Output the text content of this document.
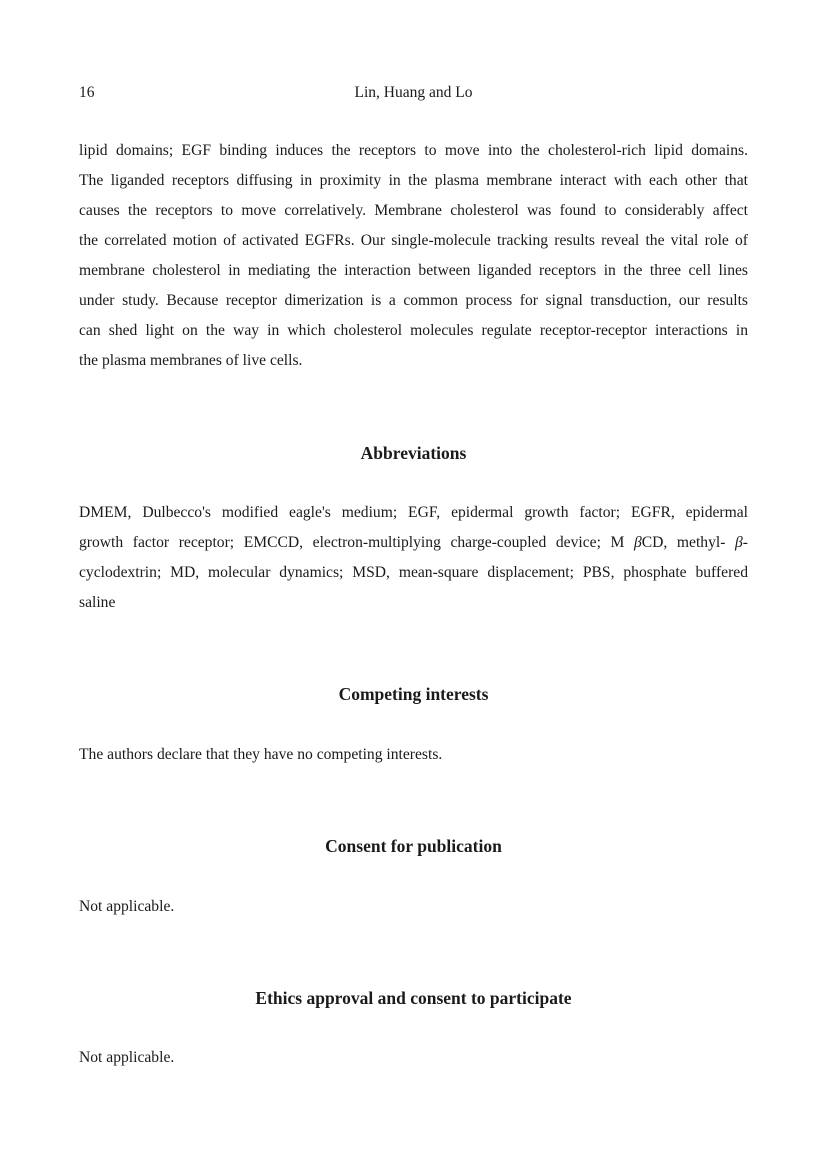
16	Lin, Huang and Lo
lipid domains; EGF binding induces the receptors to move into the cholesterol-rich lipid domains.
The liganded receptors diffusing in proximity in the plasma membrane interact with each other that
causes the receptors to move correlatively. Membrane cholesterol was found to considerably affect
the correlated motion of activated EGFRs. Our single-molecule tracking results reveal the vital role of
membrane cholesterol in mediating the interaction between liganded receptors in the three cell lines
under study. Because receptor dimerization is a common process for signal transduction, our results
can shed light on the way in which cholesterol molecules regulate receptor-receptor interactions in
the plasma membranes of live cells.
Abbreviations
DMEM, Dulbecco's modified eagle's medium; EGF, epidermal growth factor; EGFR, epidermal
growth factor receptor; EMCCD, electron-multiplying charge-coupled device; M βCD, methyl- β-
cyclodextrin; MD, molecular dynamics; MSD, mean-square displacement; PBS, phosphate buffered
saline
Competing interests
The authors declare that they have no competing interests.
Consent for publication
Not applicable.
Ethics approval and consent to participate
Not applicable.
